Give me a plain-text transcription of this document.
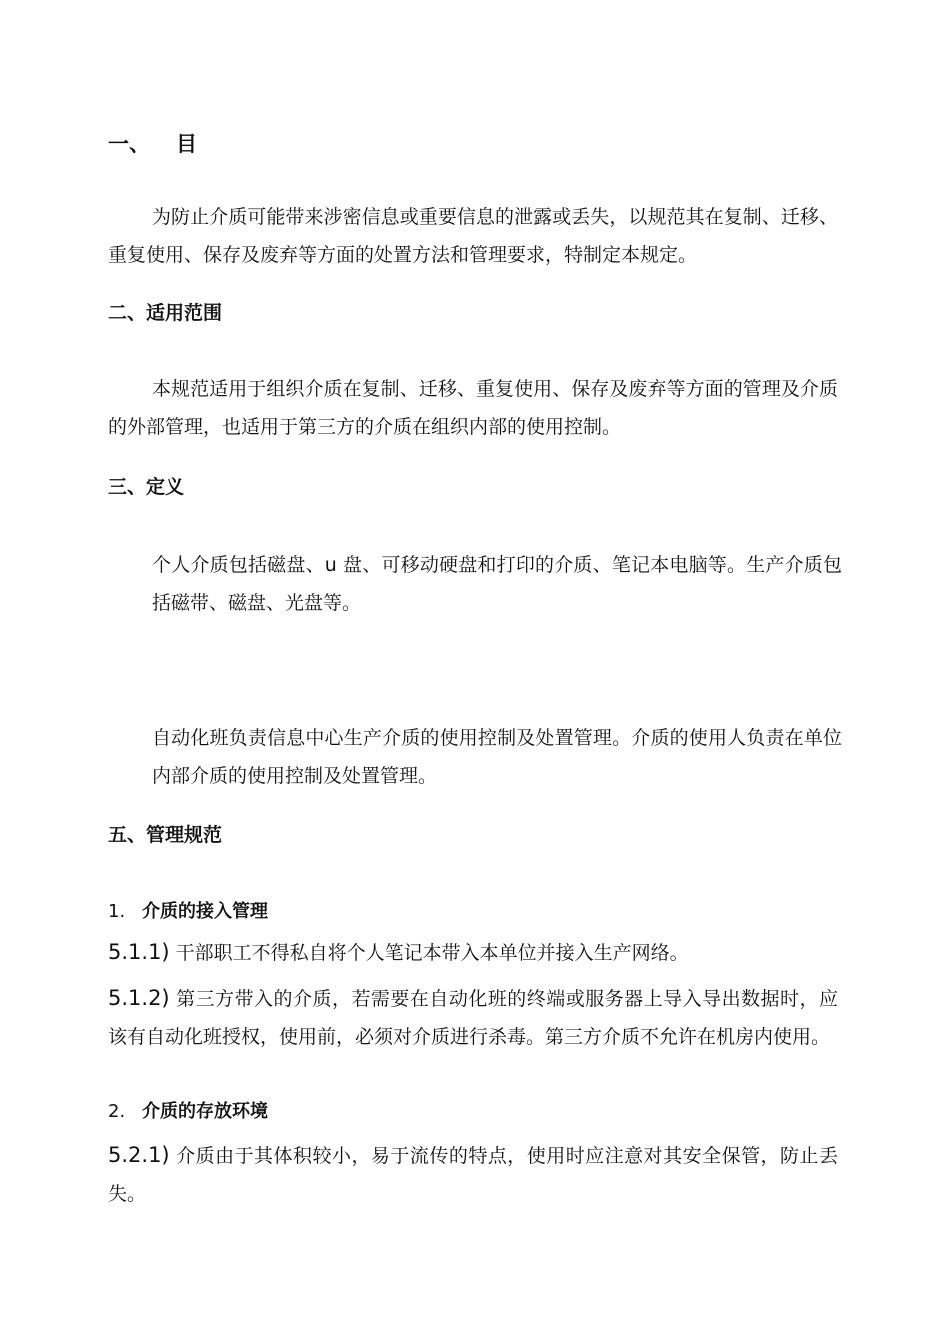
一、 目
为防止介质可能带来涉密信息或重要信息的泄露或丢失，以规范其在复制、迁移、重复使用、保存及废弃等方面的处置方法和管理要求，特制定本规定。
二、适用范围
本规范适用于组织介质在复制、迁移、重复使用、保存及废弃等方面的管理及介质的外部管理，也适用于第三方的介质在组织内部的使用控制。
三、定义
个人介质包括磁盘、u 盘、可移动硬盘和打印的介质、笔记本电脑等。生产介质包括磁带、磁盘、光盘等。
自动化班负责信息中心生产介质的使用控制及处置管理。介质的使用人负责在单位内部介质的使用控制及处置管理。
五、管理规范
1. 介质的接入管理
5.1.1) 干部职工不得私自将个人笔记本带入本单位并接入生产网络。
5.1.2) 第三方带入的介质，若需要在自动化班的终端或服务器上导入导出数据时，应该有自动化班授权，使用前，必须对介质进行杀毒。第三方介质不允许在机房内使用。
2. 介质的存放环境
5.2.1) 介质由于其体积较小，易于流传的特点，使用时应注意对其安全保管，防止丢失。
